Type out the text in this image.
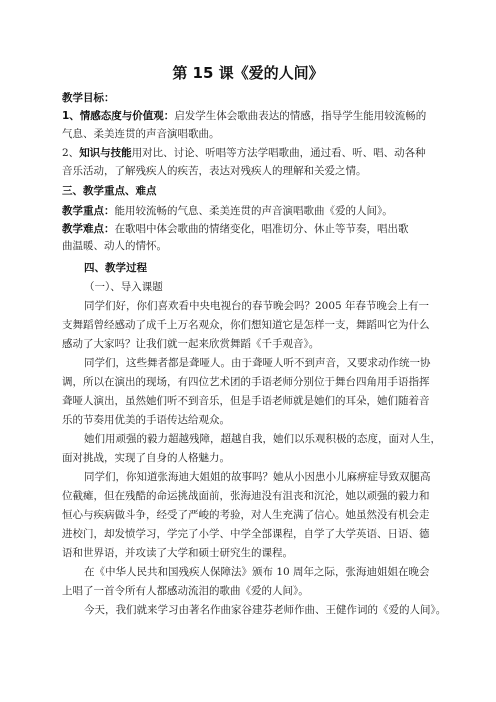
第 15 课《爱的人间》
教学目标：
1、情感态度与价值观：启发学生体会歌曲表达的情感，指导学生能用较流畅的
气息、柔美连贯的声音演唱歌曲。
2、知识与技能用对比、讨论、听唱等方法学唱歌曲，通过看、听、唱、动各种
音乐活动，了解残疾人的疾苦，表达对残疾人的理解和关爱之情。
三、教学重点、难点
教学重点：能用较流畅的气息、柔美连贯的声音演唱歌曲《爱的人间》。
教学难点：在歌唱中体会歌曲的情绪变化，唱准切分、休止等节奏，唱出歌
曲温暖、动人的情怀。
四、教学过程
（一）、导入课题
同学们好，你们喜欢看中央电视台的春节晚会吗？2005 年春节晚会上有一
支舞蹈曾经感动了成千上万名观众，你们想知道它是怎样一支，舞蹈叫它为什么
感动了大家吗？让我们就一起来欣赏舞蹈《千手观音》。
同学们，这些舞者都是聋哑人。由于聋哑人听不到声音，又要求动作统一协
调，所以在演出的现场，有四位艺术团的手语老师分别位于舞台四角用手语指挥
聋哑人演出，虽然她们听不到音乐，但是手语老师就是她们的耳朵，她们随着音
乐的节奏用优美的手语传达给观众。
她们用顽强的毅力超越残障，超越自我，她们以乐观积极的态度，面对人生，
面对挑战，实现了自身的人格魅力。
同学们，你知道张海迪大姐姐的故事吗？她从小因患小儿麻痹症导致双腿高
位截瘫，但在残酷的命运挑战面前，张海迪没有沮丧和沉沦，她以顽强的毅力和
恒心与疾病做斗争，经受了严峻的考验，对人生充满了信心。她虽然没有机会走
进校门，却发愤学习，学完了小学、中学全部课程，自学了大学英语、日语、德
语和世界语，并攻读了大学和硕士研究生的课程。
在《中华人民共和国残疾人保障法》颁布 10 周年之际，张海迪姐姐在晚会
上唱了一首令所有人都感动流泪的歌曲《爱的人间》。
今天，我们就来学习由著名作曲家谷建芬老师作曲、王健作词的《爱的人间》。
